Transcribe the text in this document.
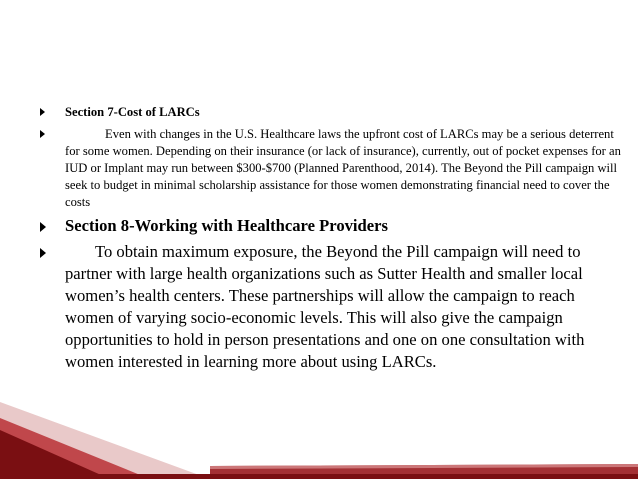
Section 7-Cost of LARCs

Even with changes in the U.S. Healthcare laws the upfront cost of LARCs may be a serious deterrent for some women. Depending on their insurance (or lack of insurance), currently, out of pocket expenses for an IUD or Implant may run between $300-$700 (Planned Parenthood, 2014). The Beyond the Pill campaign will seek to budget in minimal scholarship assistance for those women demonstrating financial need to cover the costs

Section 8-Working with Healthcare Providers

To obtain maximum exposure, the Beyond the Pill campaign will need to partner with large health organizations such as Sutter Health and smaller local women’s health centers. These partnerships will allow the campaign to reach women of varying socio-economic levels. This will also give the campaign opportunities to hold in person presentations and one on one consultation with women interested in learning more about using LARCs.
